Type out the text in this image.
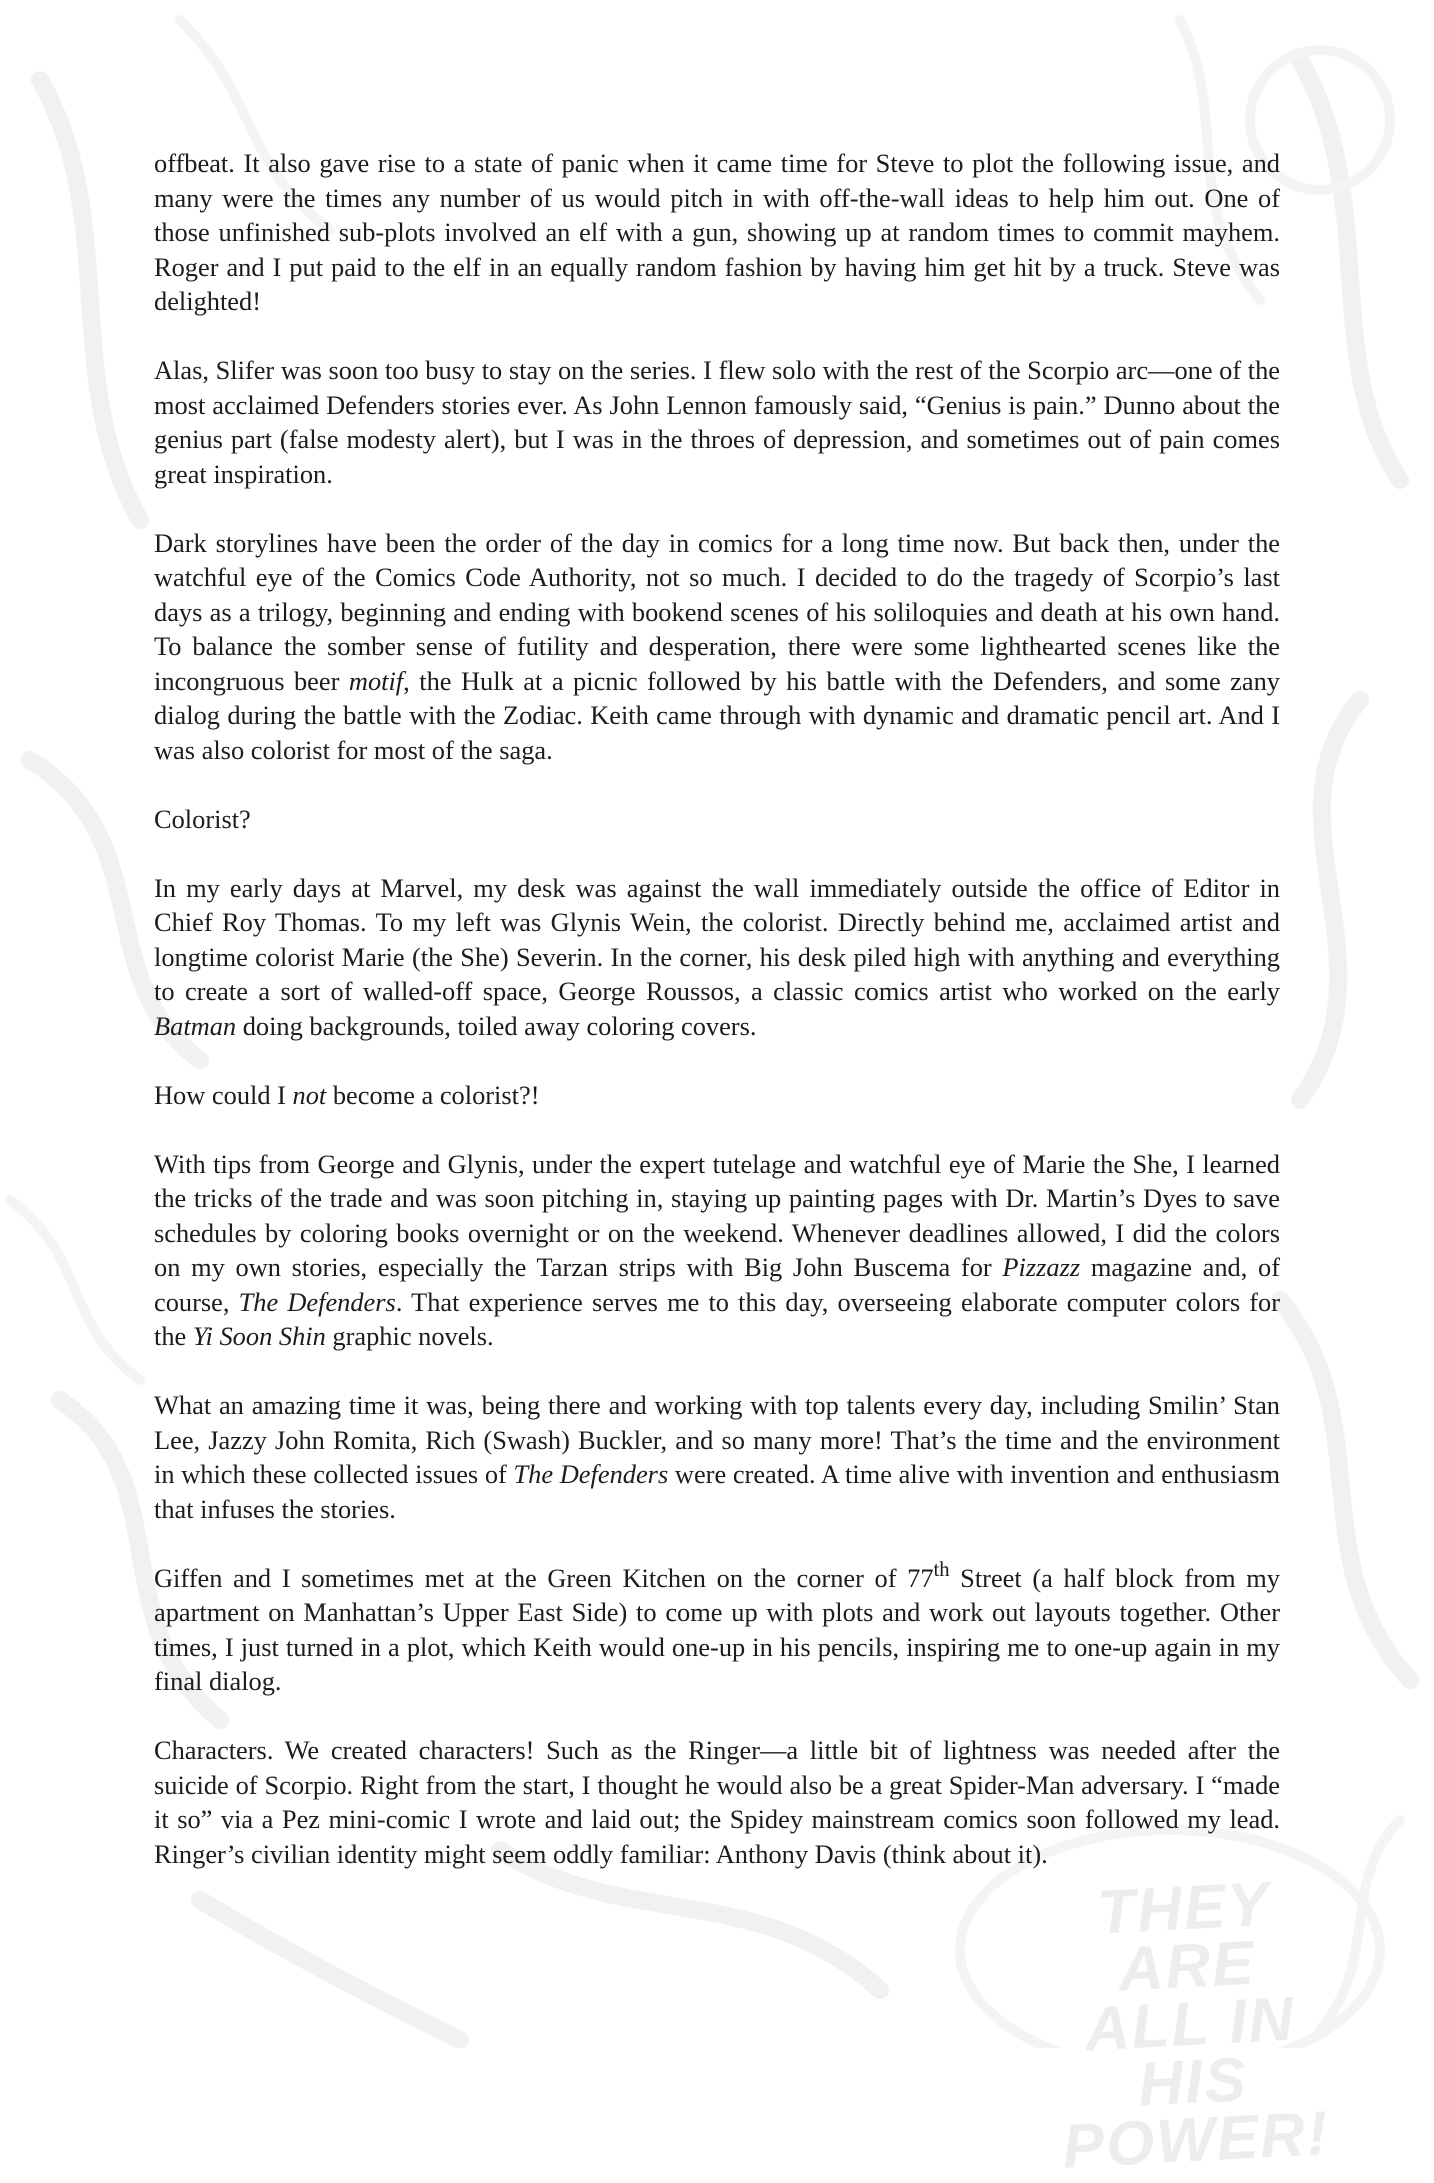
THEY ARE
ALL IN
HIS POWER!

offbeat. It also gave rise to a state of panic when it came time for Steve to plot the following issue, and many were the times any number of us would pitch in with off-the-wall ideas to help him out. One of those unfinished sub-plots involved an elf with a gun, showing up at random times to commit mayhem. Roger and I put paid to the elf in an equally random fashion by having him get hit by a truck. Steve was delighted!

Alas, Slifer was soon too busy to stay on the series. I flew solo with the rest of the Scorpio arc—one of the most acclaimed Defenders stories ever. As John Lennon famously said, “Genius is pain.” Dunno about the genius part (false modesty alert), but I was in the throes of depression, and sometimes out of pain comes great inspiration.

Dark storylines have been the order of the day in comics for a long time now. But back then, under the watchful eye of the Comics Code Authority, not so much. I decided to do the tragedy of Scorpio’s last days as a trilogy, beginning and ending with bookend scenes of his soliloquies and death at his own hand. To balance the somber sense of futility and desperation, there were some lighthearted scenes like the incongruous beer motif, the Hulk at a picnic followed by his battle with the Defenders, and some zany dialog during the battle with the Zodiac. Keith came through with dynamic and dramatic pencil art. And I was also colorist for most of the saga.

Colorist?

In my early days at Marvel, my desk was against the wall immediately outside the office of Editor in Chief Roy Thomas. To my left was Glynis Wein, the colorist. Directly behind me, acclaimed artist and longtime colorist Marie (the She) Severin. In the corner, his desk piled high with anything and everything to create a sort of walled-off space, George Roussos, a classic comics artist who worked on the early Batman doing backgrounds, toiled away coloring covers.

How could I not become a colorist?!

With tips from George and Glynis, under the expert tutelage and watchful eye of Marie the She, I learned the tricks of the trade and was soon pitching in, staying up painting pages with Dr. Martin’s Dyes to save schedules by coloring books overnight or on the weekend. Whenever deadlines allowed, I did the colors on my own stories, especially the Tarzan strips with Big John Buscema for Pizzazz magazine and, of course, The Defenders. That experience serves me to this day, overseeing elaborate computer colors for the Yi Soon Shin graphic novels.

What an amazing time it was, being there and working with top talents every day, including Smilin’ Stan Lee, Jazzy John Romita, Rich (Swash) Buckler, and so many more! That’s the time and the environment in which these collected issues of The Defenders were created. A time alive with invention and enthusiasm that infuses the stories.

Giffen and I sometimes met at the Green Kitchen on the corner of 77th Street (a half block from my apartment on Manhattan’s Upper East Side) to come up with plots and work out layouts together. Other times, I just turned in a plot, which Keith would one-up in his pencils, inspiring me to one-up again in my final dialog.

Characters. We created characters! Such as the Ringer—a little bit of lightness was needed after the suicide of Scorpio. Right from the start, I thought he would also be a great Spider-Man adversary. I “made it so” via a Pez mini-comic I wrote and laid out; the Spidey mainstream comics soon followed my lead. Ringer’s civilian identity might seem oddly familiar: Anthony Davis (think about it).
